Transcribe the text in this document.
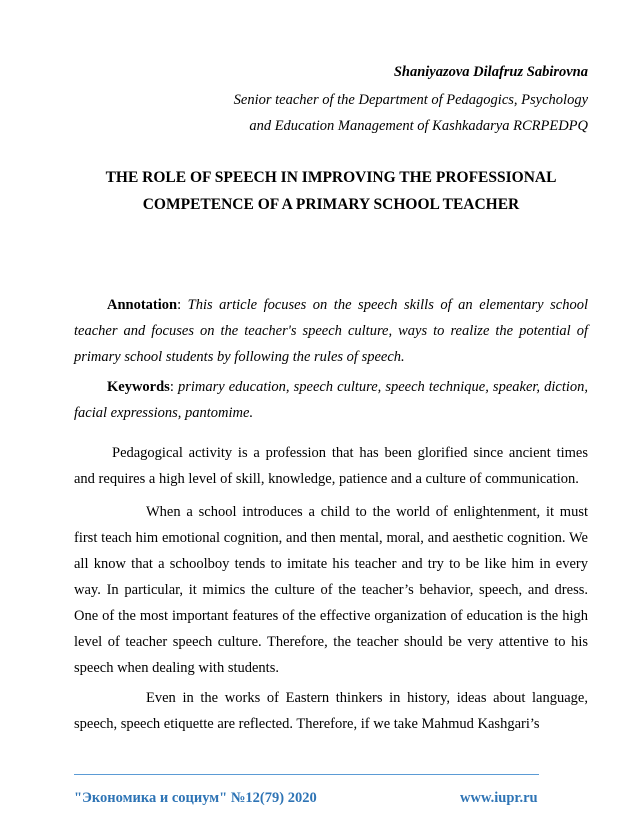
Shaniyazova Dilafruz Sabirovna
Senior teacher of the Department of Pedagogics, Psychology
and Education Management of Kashkadarya RCRPEDPQ
THE ROLE OF SPEECH IN IMPROVING THE PROFESSIONAL
COMPETENCE OF A PRIMARY SCHOOL TEACHER
Annotation: This article focuses on the speech skills of an elementary school teacher and focuses on the teacher's speech culture, ways to realize the potential of primary school students by following the rules of speech.
Keywords: primary education, speech culture, speech technique, speaker, diction, facial expressions, pantomime.
Pedagogical activity is a profession that has been glorified since ancient times and requires a high level of skill, knowledge, patience and a culture of communication.
When a school introduces a child to the world of enlightenment, it must first teach him emotional cognition, and then mental, moral, and aesthetic cognition. We all know that a schoolboy tends to imitate his teacher and try to be like him in every way. In particular, it mimics the culture of the teacher’s behavior, speech, and dress. One of the most important features of the effective organization of education is the high level of teacher speech culture. Therefore, the teacher should be very attentive to his speech when dealing with students.
Even in the works of Eastern thinkers in history, ideas about language, speech, speech etiquette are reflected. Therefore, if we take Mahmud Kashgari’s
"Экономика и социум" №12(79) 2020	www.iupr.ru
